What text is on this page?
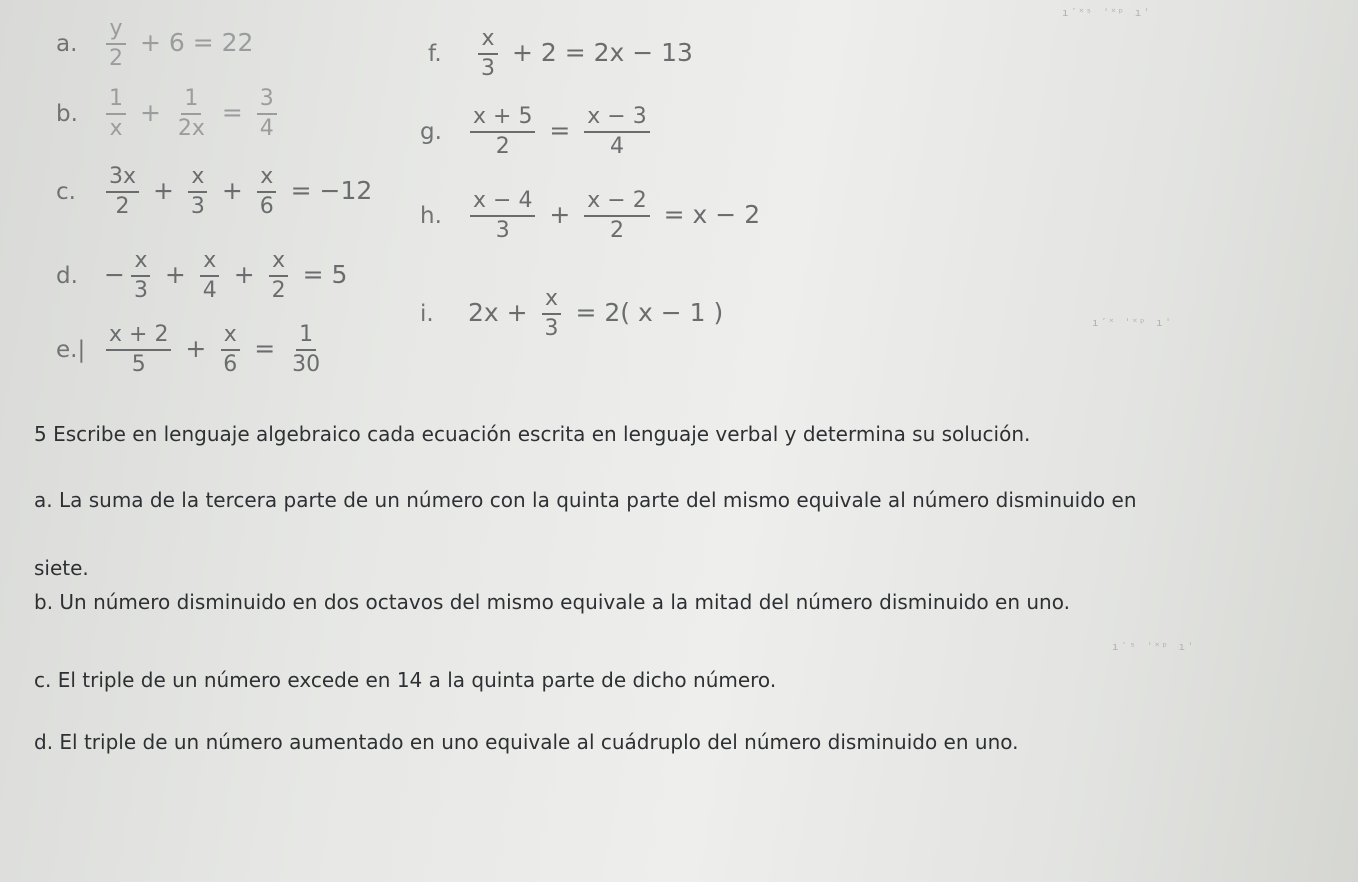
a.	$\frac{y}{2} + 6 = 22$
b.	$\frac{1}{x} + \frac{1}{2x} = \frac{3}{4}$
c.	$\frac{3x}{2} + \frac{x}{3} + \frac{x}{6} = -12$
d.	− $\frac{x}{3} + \frac{x}{4} + \frac{x}{2} = 5$
$e.| \frac{x + 2}{5} + \frac{x}{6} = \frac{1}{30}$
f.	$\frac{x}{3} + 2 = 2x - 13$
g.	$\frac{x + 5}{2} = \frac{x - 3}{4}$
h.	$\frac{x - 4}{3} + \frac{x - 2}{2} = x - 2$
i.	$2x + \frac{x}{3} = 2$( x − 1 )
ı′˟ˢ ˈ˟ᵖ ıˈ
ı′˟ ˈ˟ᵖ ıˈ
ı′ˢ ˈ˟ᵖ ıˈ
5 Escribe en lenguaje algebraico cada ecuación escrita en lenguaje verbal y determina su solución.
a. La suma de la tercera parte de un número con la quinta parte del mismo equivale al número disminuido en
siete.
b. Un número disminuido en dos octavos del mismo equivale a la mitad del número disminuido en uno.
c. El triple de un número excede en 14 a la quinta parte de dicho número.
d. El triple de un número aumentado en uno equivale al cuádruplo del número disminuido en uno.
